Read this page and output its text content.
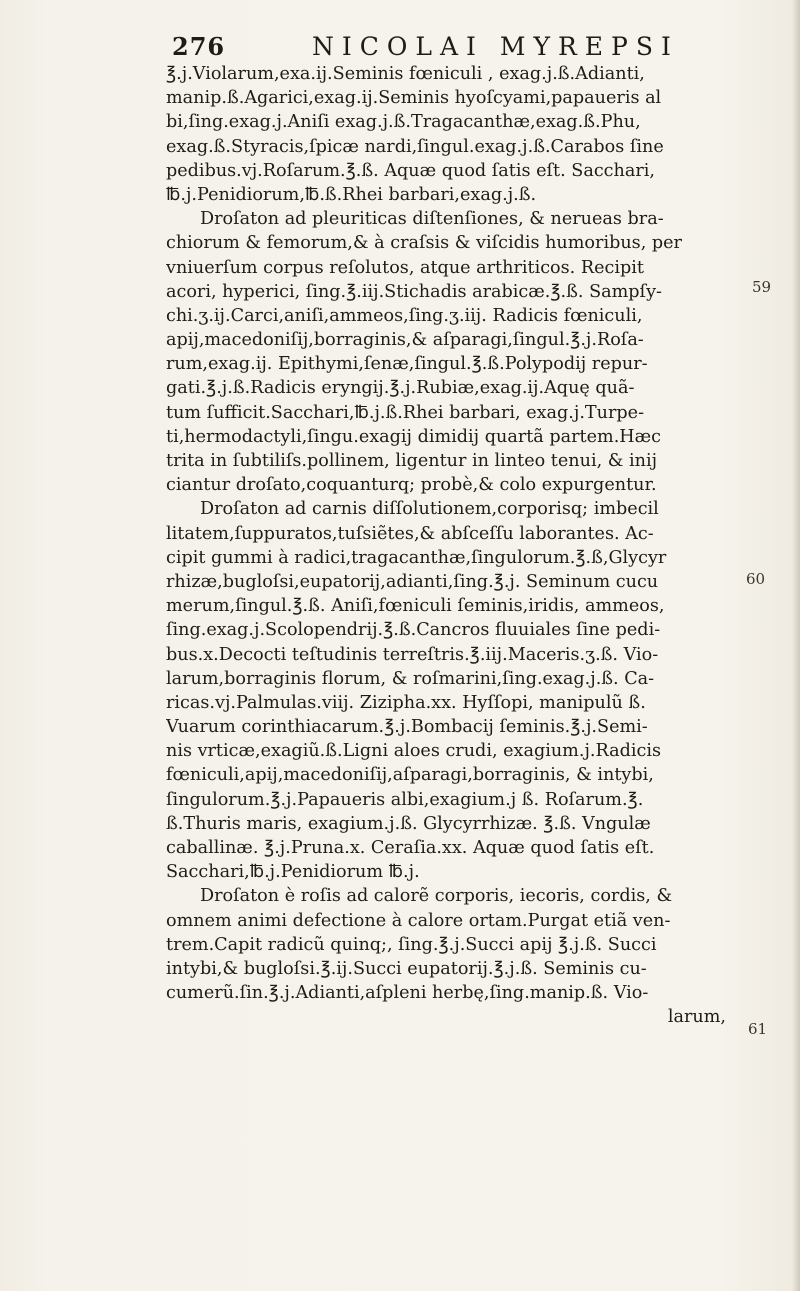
276	NICOLAI MYREPSI
59
60
61
℥.j.Violarum,exa.ij.Seminis fœniculi , exag.j.ß.Adianti,
manip.ß.Agarici,exag.ij.Seminis hyoſcyami,papaueris al
bi,ſing.exag.j.Aniſi exag.j.ß.Tragacanthæ,exag.ß.Phu,
exag.ß.Styracis,ſpicæ nardi,ſingul.exag.j.ß.Carabos ſine
pedibus.vj.Roſarum.℥.ß. Aquæ quod ſatis eſt. Sacchari,
℔.j.Penidiorum,℔.ß.Rhei barbari,exag.j.ß.
Droſaton ad pleuriticas diſtenſiones, & nerueas bra-
chiorum & femorum,& à craſsis & viſcidis humoribus, per
vniuerſum corpus reſolutos, atque arthriticos. Recipit
acori, hyperici, ſing.℥.iij.Stichadis arabicæ.℥.ß. Sampſy-
chi.ʒ.ij.Carci,aniſi,ammeos,ſing.ʒ.iij. Radicis fœniculi,
apij,macedoniſij,borraginis,& aſparagi,ſingul.℥.j.Roſa-
rum,exag.ij. Epithymi,ſenæ,ſingul.℥.ß.Polypodij repur-
gati.℥.j.ß.Radicis eryngij.℥.j.Rubiæ,exag.ij.Aquę quã-
tum ſufficit.Sacchari,℔.j.ß.Rhei barbari, exag.j.Turpe-
ti,hermodactyli,ſingu.exagij dimidij quartã partem.Hæc
trita in ſubtiliſs.pollinem, ligentur in linteo tenui, & inij
ciantur droſato,coquanturq; probè,& colo expurgentur.
Droſaton ad carnis diſſolutionem,corporisq; imbecil
litatem,ſuppuratos,tuſsiẽtes,& abſceſſu laborantes. Ac-
cipit gummi à radici,tragacanthæ,ſingulorum.℥.ß,Glycyr
rhizæ,bugloſsi,eupatorij,adianti,ſing.℥.j. Seminum cucu
merum,ſingul.℥.ß. Aniſi,fœniculi ſeminis,iridis, ammeos,
ſing.exag.j.Scolopendrij.℥.ß.Cancros fluuiales ſine pedi-
bus.x.Decocti teſtudinis terreſtris.℥.iij.Maceris.ʒ.ß. Vio-
larum,borraginis florum, & roſmarini,ſing.exag.j.ß. Ca-
ricas.vj.Palmulas.viij. Zizipha.xx. Hyſſopi, manipulũ ß.
Vuarum corinthiacarum.℥.j.Bombacij ſeminis.℥.j.Semi-
nis vrticæ,exagiũ.ß.Ligni aloes crudi, exagium.j.Radicis
fœniculi,apij,macedoniſij,aſparagi,borraginis, & intybi,
ſingulorum.℥.j.Papaueris albi,exagium.j ß. Roſarum.℥.
ß.Thuris maris, exagium.j.ß. Glycyrrhizæ. ℥.ß. Vngulæ
caballinæ. ℥.j.Pruna.x. Ceraſia.xx. Aquæ quod ſatis eſt.
Sacchari,℔.j.Penidiorum ℔.j.
Droſaton è roſis ad calorẽ corporis, iecoris, cordis, &
omnem animi defectione à calore ortam.Purgat etiã ven-
trem.Capit radicũ quinq;, ſing.℥.j.Succi apij ℥.j.ß. Succi
intybi,& bugloſsi.℥.ij.Succi eupatorij.℥.j.ß. Seminis cu-
cumerũ.ſin.℥.j.Adianti,aſpleni herbę,ſing.manip.ß. Vio-
larum,
